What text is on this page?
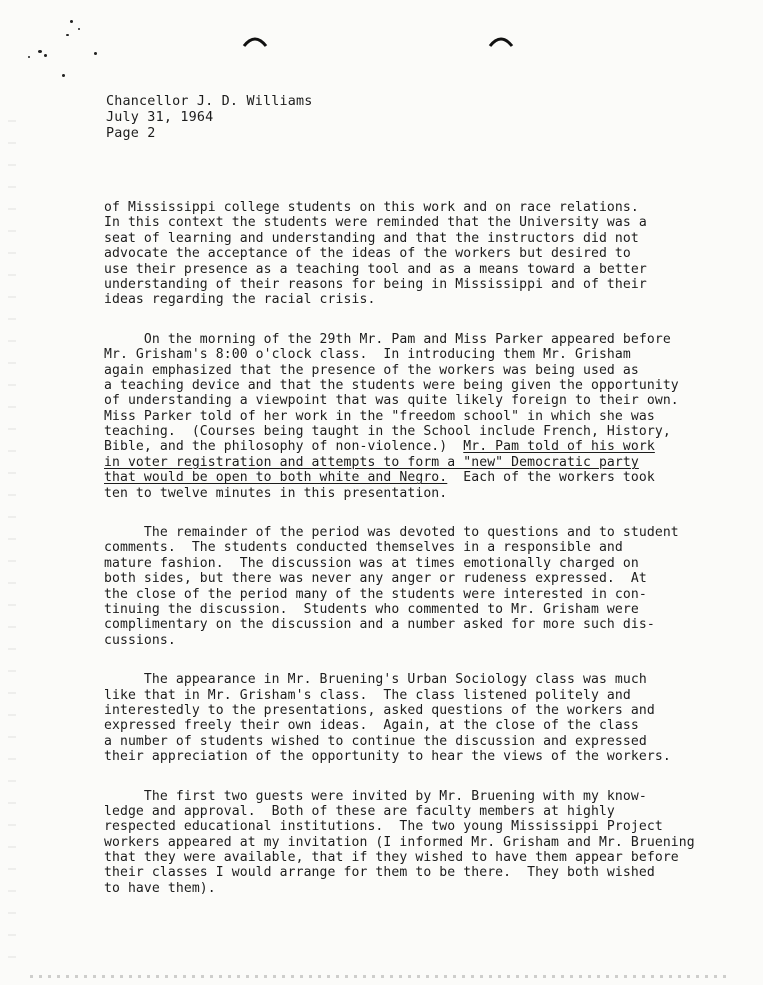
Chancellor J. D. Williams
July 31, 1964
Page 2
of Mississippi college students on this work and on race relations.
In this context the students were reminded that the University was a
seat of learning and understanding and that the instructors did not
advocate the acceptance of the ideas of the workers but desired to
use their presence as a teaching tool and as a means toward a better
understanding of their reasons for being in Mississippi and of their
ideas regarding the racial crisis.
On the morning of the 29th Mr. Pam and Miss Parker appeared before
Mr. Grisham's 8:00 o'clock class.  In introducing them Mr. Grisham
again emphasized that the presence of the workers was being used as
a teaching device and that the students were being given the opportunity
of understanding a viewpoint that was quite likely foreign to their own.
Miss Parker told of her work in the "freedom school" in which she was
teaching.  (Courses being taught in the School include French, History,
Bible, and the philosophy of non-violence.)  Mr. Pam told of his work
in voter registration and attempts to form a "new" Democratic party
that would be open to both white and Negro.  Each of the workers took
ten to twelve minutes in this presentation.
The remainder of the period was devoted to questions and to student
comments.  The students conducted themselves in a responsible and
mature fashion.  The discussion was at times emotionally charged on
both sides, but there was never any anger or rudeness expressed.  At
the close of the period many of the students were interested in con-
tinuing the discussion.  Students who commented to Mr. Grisham were
complimentary on the discussion and a number asked for more such dis-
cussions.
The appearance in Mr. Bruening's Urban Sociology class was much
like that in Mr. Grisham's class.  The class listened politely and
interestedly to the presentations, asked questions of the workers and
expressed freely their own ideas.  Again, at the close of the class
a number of students wished to continue the discussion and expressed
their appreciation of the opportunity to hear the views of the workers.
The first two guests were invited by Mr. Bruening with my know-
ledge and approval.  Both of these are faculty members at highly
respected educational institutions.  The two young Mississippi Project
workers appeared at my invitation (I informed Mr. Grisham and Mr. Bruening
that they were available, that if they wished to have them appear before
their classes I would arrange for them to be there.  They both wished
to have them).
